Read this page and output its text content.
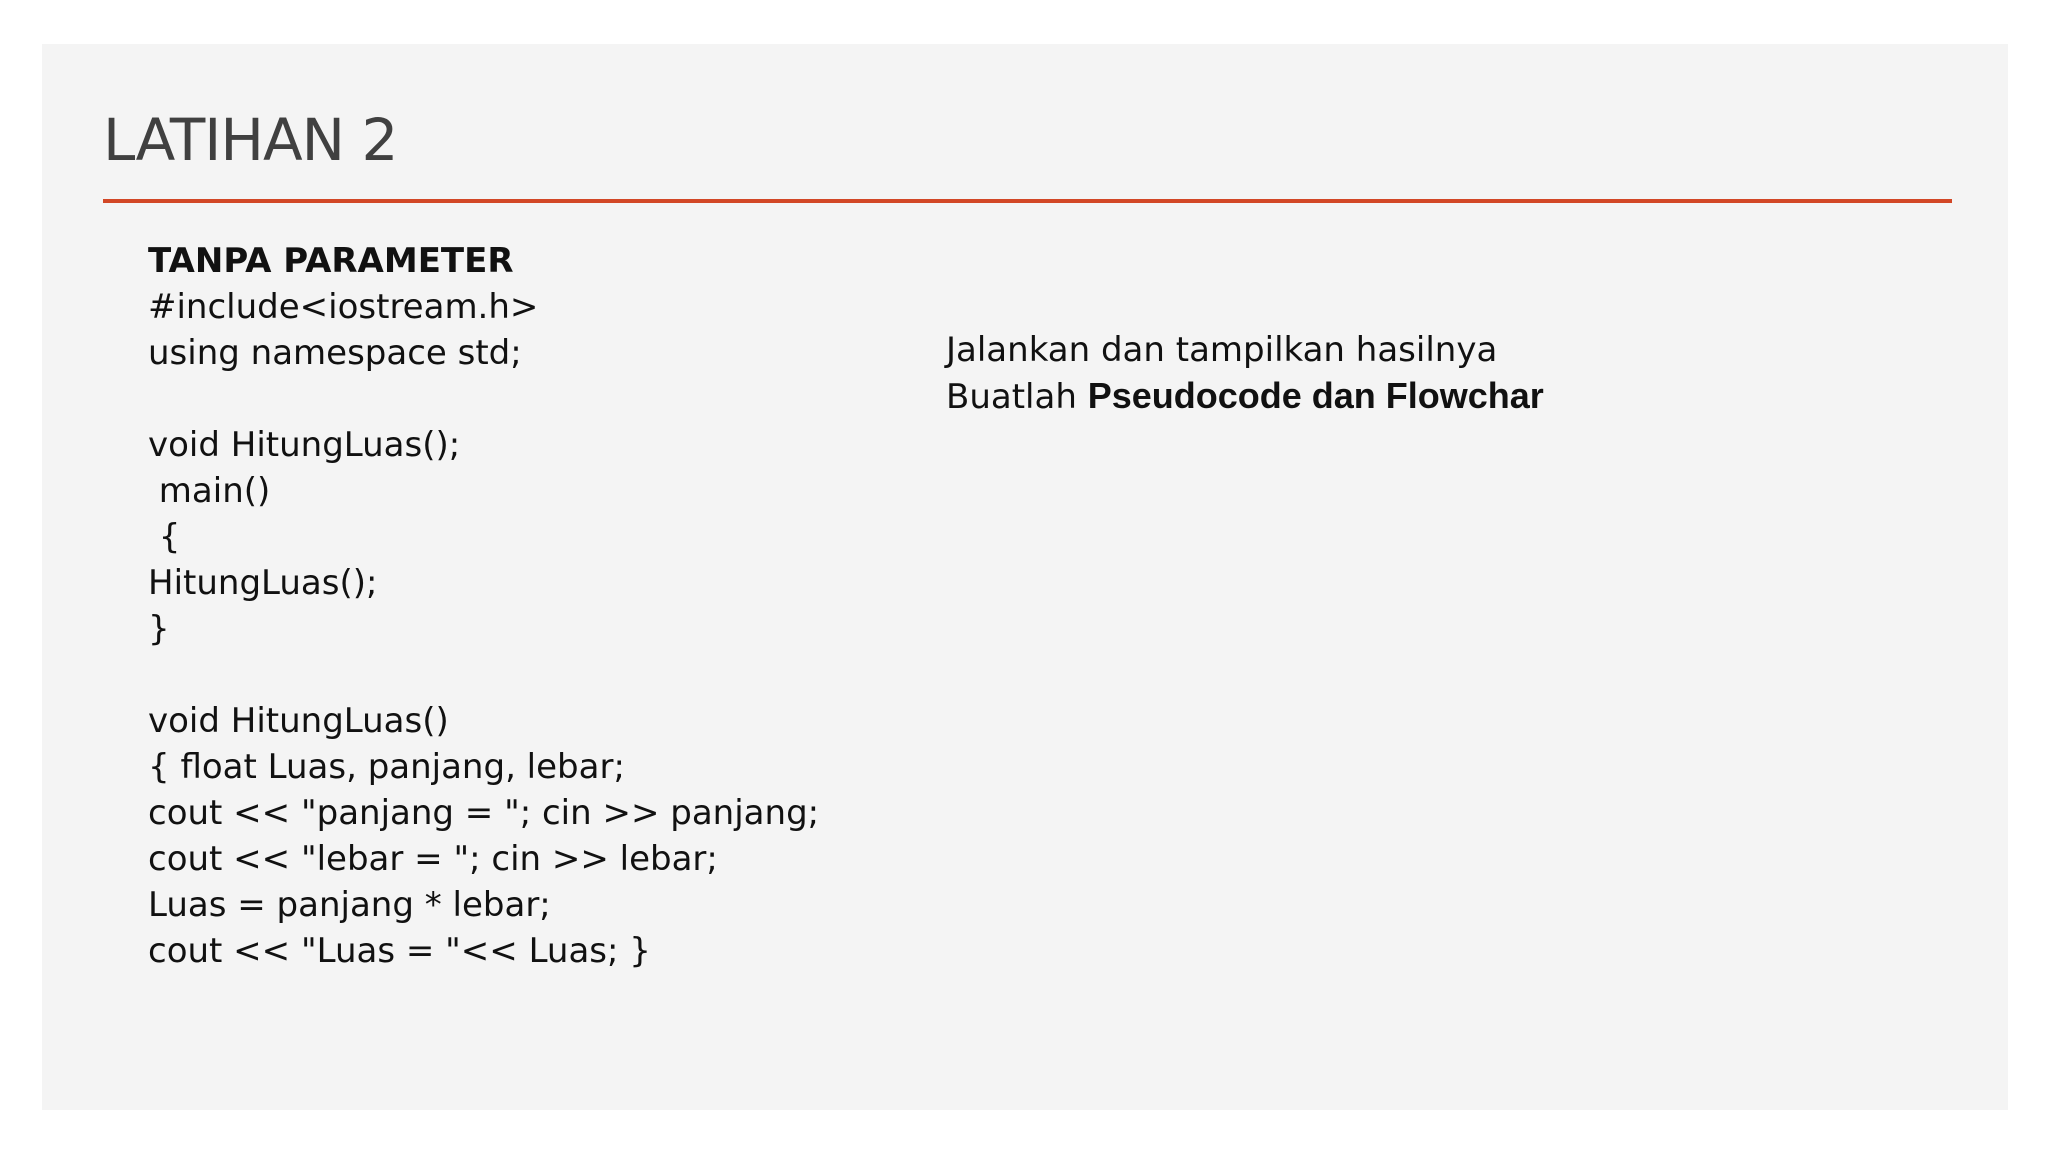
LATIHAN 2
TANPA PARAMETER
#include<iostream.h>
using namespace std;
void HitungLuas();
main()
{
HitungLuas();
}
void HitungLuas()
{ float Luas, panjang, lebar;
cout << "panjang = "; cin >> panjang;
cout << "lebar = "; cin >> lebar;
Luas = panjang * lebar;
cout << "Luas = "<< Luas; }
Jalankan dan tampilkan hasilnya
Buatlah Pseudocode dan Flowchar
